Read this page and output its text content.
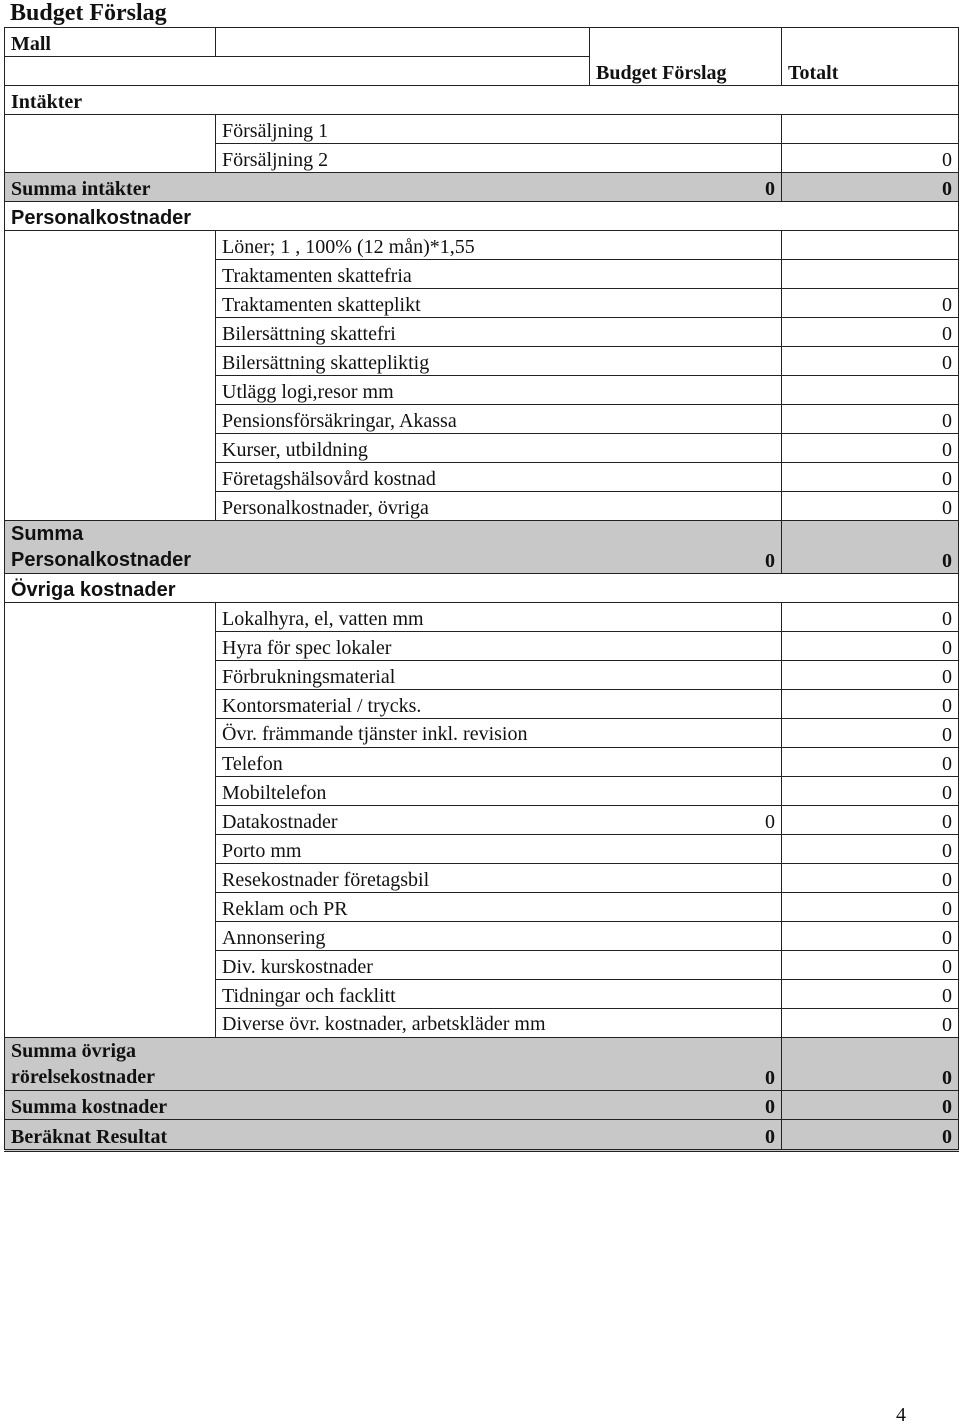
Budget Förslag
Mall			
		Budget Förslag	Totalt
Intäkter			
	Försäljning 1		
	Försäljning 2		0
Summa intäkter		0	0
Personalkostnader			
	Löner; 1 , 100% (12 mån)*1,55		
	Traktamenten skattefria		
	Traktamenten skatteplikt		0
	Bilersättning skattefri		0
	Bilersättning skattepliktig		0
	Utlägg logi,resor mm		
	Pensionsförsäkringar, Akassa		0
	Kurser, utbildning		0
	Företagshälsovård kostnad		0
	Personalkostnader, övriga		0
Summa
Personalkostnader		0	0
Övriga kostnader			
	Lokalhyra, el, vatten mm		0
	Hyra för spec lokaler		0
	Förbrukningsmaterial		0
	Kontorsmaterial / trycks.		0
	Övr. främmande tjänster inkl. revision		0
	Telefon		0
	Mobiltelefon		0
	Datakostnader	0	0
	Porto mm		0
	Resekostnader företagsbil		0
	Reklam och PR		0
	Annonsering		0
	Div. kurskostnader		0
	Tidningar och facklitt		0
	Diverse övr. kostnader, arbetskläder mm		0
Summa övriga
rörelsekostnader		0	0
Summa kostnader		0	0
Beräknat Resultat		0	0
4
